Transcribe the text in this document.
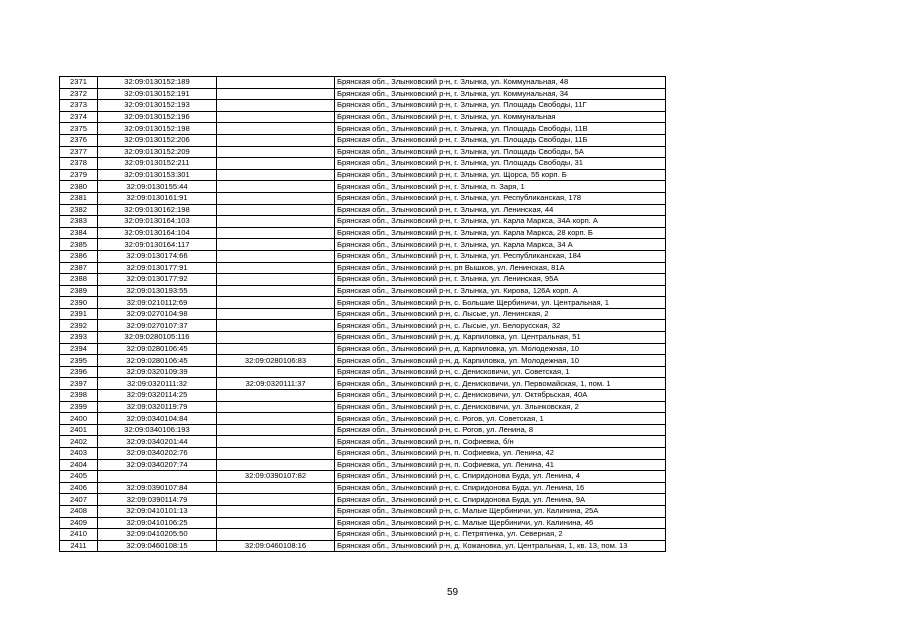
2371	32:09:0130152:189		Брянская обл., Злынковский р-н, г. Злынка, ул. Коммунальная, 48
2372	32:09:0130152:191		Брянская обл., Злынковский р-н, г. Злынка, ул. Коммунальная, 34
2373	32:09:0130152:193		Брянская обл., Злынковский р-н, г. Злынка, ул. Площадь Свободы, 11Г
2374	32:09:0130152:196		Брянская обл., Злынковский р-н, г. Злынка, ул. Коммунальная
2375	32:09:0130152:198		Брянская обл., Злынковский р-н, г. Злынка, ул. Площадь Свободы, 11В
2376	32:09:0130152:206		Брянская обл., Злынковский р-н, г. Злынка, ул. Площадь Свободы, 11Б
2377	32:09:0130152:209		Брянская обл., Злынковский р-н, г. Злынка, ул. Площадь Свободы, 5А
2378	32:09:0130152:211		Брянская обл., Злынковский р-н, г. Злынка, ул. Площадь Свободы, 31
2379	32:09:0130153:301		Брянская обл., Злынковский р-н, г. Злынка, ул. Щорса, 55 корп. Б
2380	32:09:0130155:44		Брянская обл., Злынковский р-н, г. Злынка, п. Заря, 1
2381	32:09:0130161:91		Брянская обл., Злынковский р-н, г. Злынка, ул. Республиканская, 178
2382	32:09:0130162:198		Брянская обл., Злынковский р-н, г. Злынка, ул. Ленинская, 44
2383	32:09:0130164:103		Брянская обл., Злынковский р-н, г. Злынка, ул. Карла Маркса, 34А корп. А
2384	32:09:0130164:104		Брянская обл., Злынковский р-н, г. Злынка, ул. Карла Маркса, 28 корп. Б
2385	32:09:0130164:117		Брянская обл., Злынковский р-н, г. Злынка, ул. Карла Маркса, 34 А
2386	32:09:0130174:66		Брянская обл., Злынковский р-н, г. Злынка, ул. Республиканская, 184
2387	32:09:0130177:91		Брянская обл., Злынковский р-н, рп Вышков, ул. Ленинская, 81А
2388	32:09:0130177:92		Брянская обл., Злынковский р-н, г. Злынка, ул. Ленинская, 95А
2389	32:09:0130193:55		Брянская обл., Злынковский р-н, г. Злынка, ул. Кирова, 126А корп. А
2390	32:09:0210112:69		Брянская обл., Злынковский р-н, с. Большие Щербиничи, ул. Центральная, 1
2391	32:09:0270104:98		Брянская обл., Злынковский р-н, с. Лысые, ул. Ленинская, 2
2392	32:09:0270107:37		Брянская обл., Злынковский р-н, с. Лысые, ул. Белорусская, 32
2393	32:09:0280105:116		Брянская обл., Злынковский р-н, д. Карпиловка, ул. Центральная, 51
2394	32:09:0280106:45		Брянская обл., Злынковский р-н, д. Карпиловка, ул. Молодежная, 10
2395	32:09:0280106:45	32:09:0280106:83	Брянская обл., Злынковский р-н, д. Карпиловка, ул. Молодежная, 10
2396	32:09:0320109:39		Брянская обл., Злынковский р-н, с. Денисковичи, ул. Советская, 1
2397	32:09:0320111:32	32:09:0320111:37	Брянская обл., Злынковский р-н, с. Денисковичи, ул. Первомайская, 1, пом. 1
2398	32:09:0320114:25		Брянская обл., Злынковский р-н, с. Денисковичи, ул. Октябрьская, 40А
2399	32:09:0320119:79		Брянская обл., Злынковский р-н, с. Денисковичи, ул. Злынковская, 2
2400	32:09:0340104:84		Брянская обл., Злынковский р-н, с. Рогов, ул. Советская, 1
2401	32:09:0340106:193		Брянская обл., Злынковский р-н, с. Рогов, ул. Ленина, 8
2402	32:09:0340201:44		Брянская обл., Злынковский р-н, п. Софиевка, б/н
2403	32:09:0340202:76		Брянская обл., Злынковский р-н, п. Софиевка, ул. Ленина, 42
2404	32:09:0340207:74		Брянская обл., Злынковский р-н, п. Софиевка, ул. Ленина, 41
2405		32:09:0390107:82	Брянская обл., Злынковский р-н, с. Спиридонова Буда, ул. Ленина, 4
2406	32:09:0390107:84		Брянская обл., Злынковский р-н, с. Спиридонова Буда, ул. Ленина, 16
2407	32:09:0390114:79		Брянская обл., Злынковский р-н, с. Спиридонова Буда, ул. Ленина, 9А
2408	32:09:0410101:13		Брянская обл., Злынковский р-н, с. Малые Щербиничи, ул. Калинина, 25А
2409	32:09:0410106:25		Брянская обл., Злынковский р-н, с. Малые Щербиничи, ул. Калинина, 46
2410	32:09:0410205:50		Брянская обл., Злынковский р-н, с. Петрятинка, ул. Северная, 2
2411	32:09:0460108:15	32:09:0460108:16	Брянская обл., Злынковский р-н, д. Кожановка, ул. Центральная, 1, кв. 13, пом. 13
59
